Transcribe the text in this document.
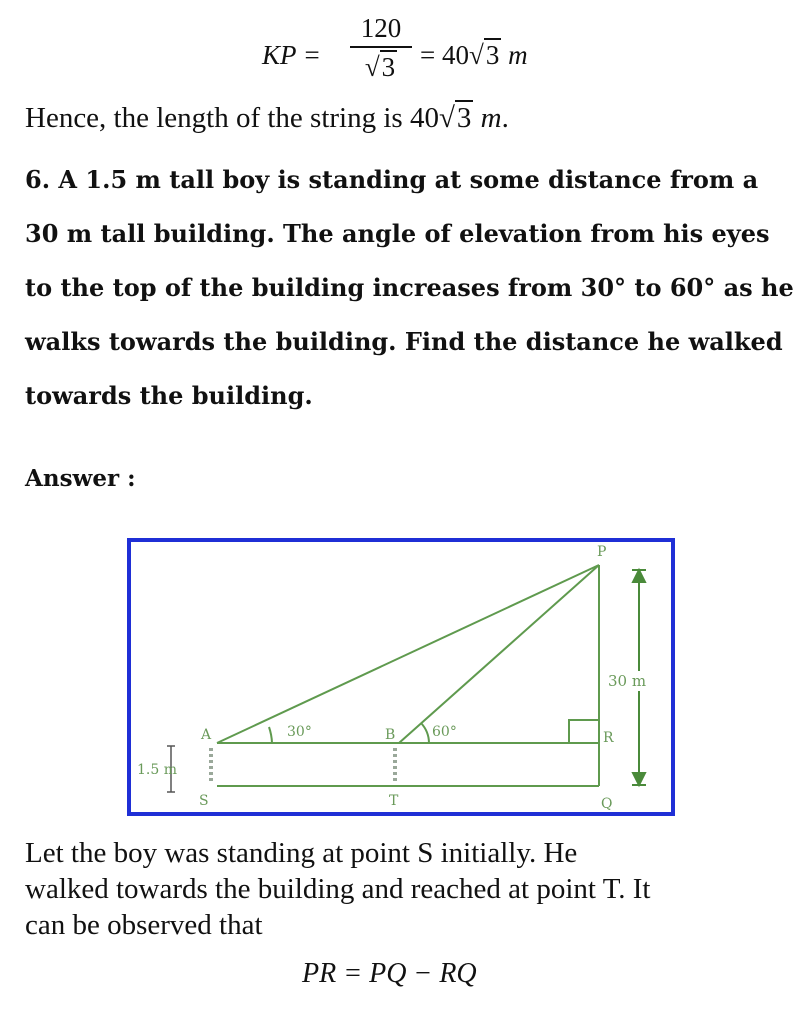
KP =
120
√3 = 40√3 m
Hence, the length of the string is 40√3 m.
6. A 1.5 m tall boy is standing at some distance from a
30 m tall building. The angle of elevation from his eyes
to the top of the building increases from 30° to 60° as he
walks towards the building. Find the distance he walked
towards the building.
Answer :
P
Q
R
A	B
S	T
30°	60°
30 m
1.5 m
Let the boy was standing at point S initially. He
walked towards the building and reached at point T. It
can be observed that
PR = PQ − RQ
